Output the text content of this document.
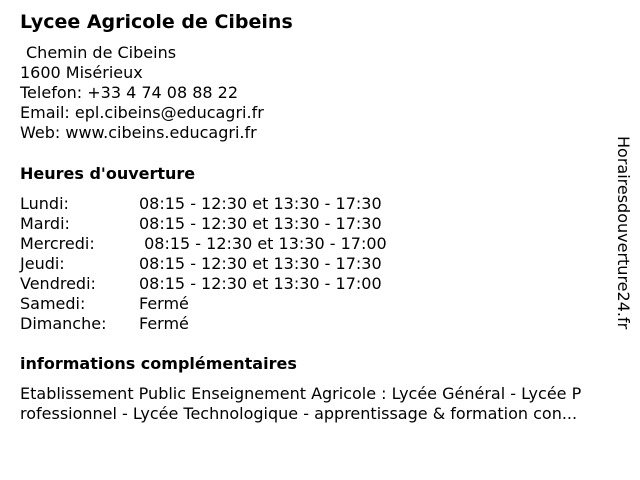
Lycee Agricole de Cibeins
Chemin de Cibeins
1600 Misérieux
Telefon: +33 4 74 08 88 22
Email: epl.cibeins@educagri.fr
Web: www.cibeins.educagri.fr
Heures d'ouverture
Lundi:	08:15 - 12:30 et 13:30 - 17:30
Mardi:	08:15 - 12:30 et 13:30 - 17:30
Mercredi:	08:15 - 12:30 et 13:30 - 17:00
Jeudi:	08:15 - 12:30 et 13:30 - 17:30
Vendredi:	08:15 - 12:30 et 13:30 - 17:00
Samedi:	Fermé
Dimanche: Fermé
informations complémentaires
Etablissement Public Enseignement Agricole : Lycée Général - Lycée P
rofessionnel - Lycée Technologique - apprentissage & formation con...
Horairesdouverture24.fr
